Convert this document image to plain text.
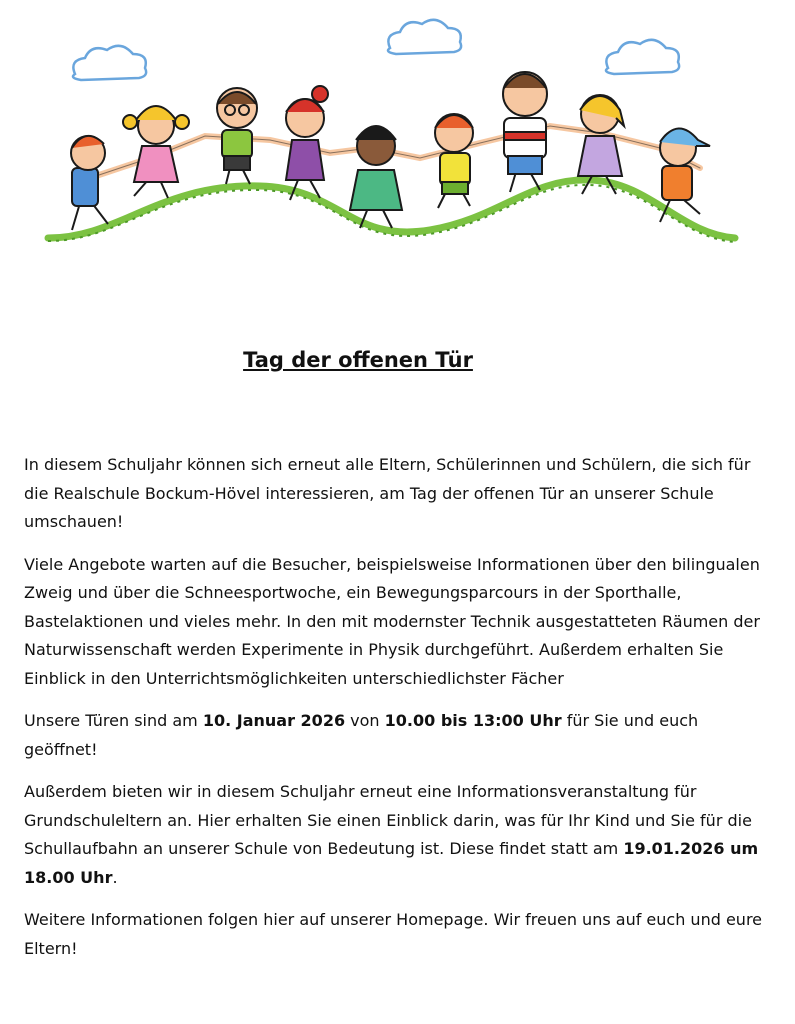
Tag der offenen Tür

In diesem Schuljahr können sich erneut alle Eltern, Schülerinnen und Schülern, die sich für die Realschule Bockum-Hövel interessieren, am Tag der offenen Tür an unserer Schule umschauen!

Viele Angebote warten auf die Besucher, beispielsweise Informationen über den bilingualen Zweig und über die Schneesportwoche, ein Bewegungsparcours in der Sporthalle, Bastelaktionen und vieles mehr. In den mit modernster Technik ausgestatteten Räumen der Naturwissenschaft werden Experimente in Physik durchgeführt. Außerdem erhalten Sie Einblick in den Unterrichtsmöglichkeiten unterschiedlichster Fächer

Unsere Türen sind am 10. Januar 2026 von 10.00 bis 13:00 Uhr für Sie und euch geöffnet!

Außerdem bieten wir in diesem Schuljahr erneut eine Informationsveranstaltung für Grundschuleltern an. Hier erhalten Sie einen Einblick darin, was für Ihr Kind und Sie für die Schullaufbahn an unserer Schule von Bedeutung ist. Diese findet statt am 19.01.2026 um 18.00 Uhr.

Weitere Informationen folgen hier auf unserer Homepage. Wir freuen uns auf euch und eure Eltern!
